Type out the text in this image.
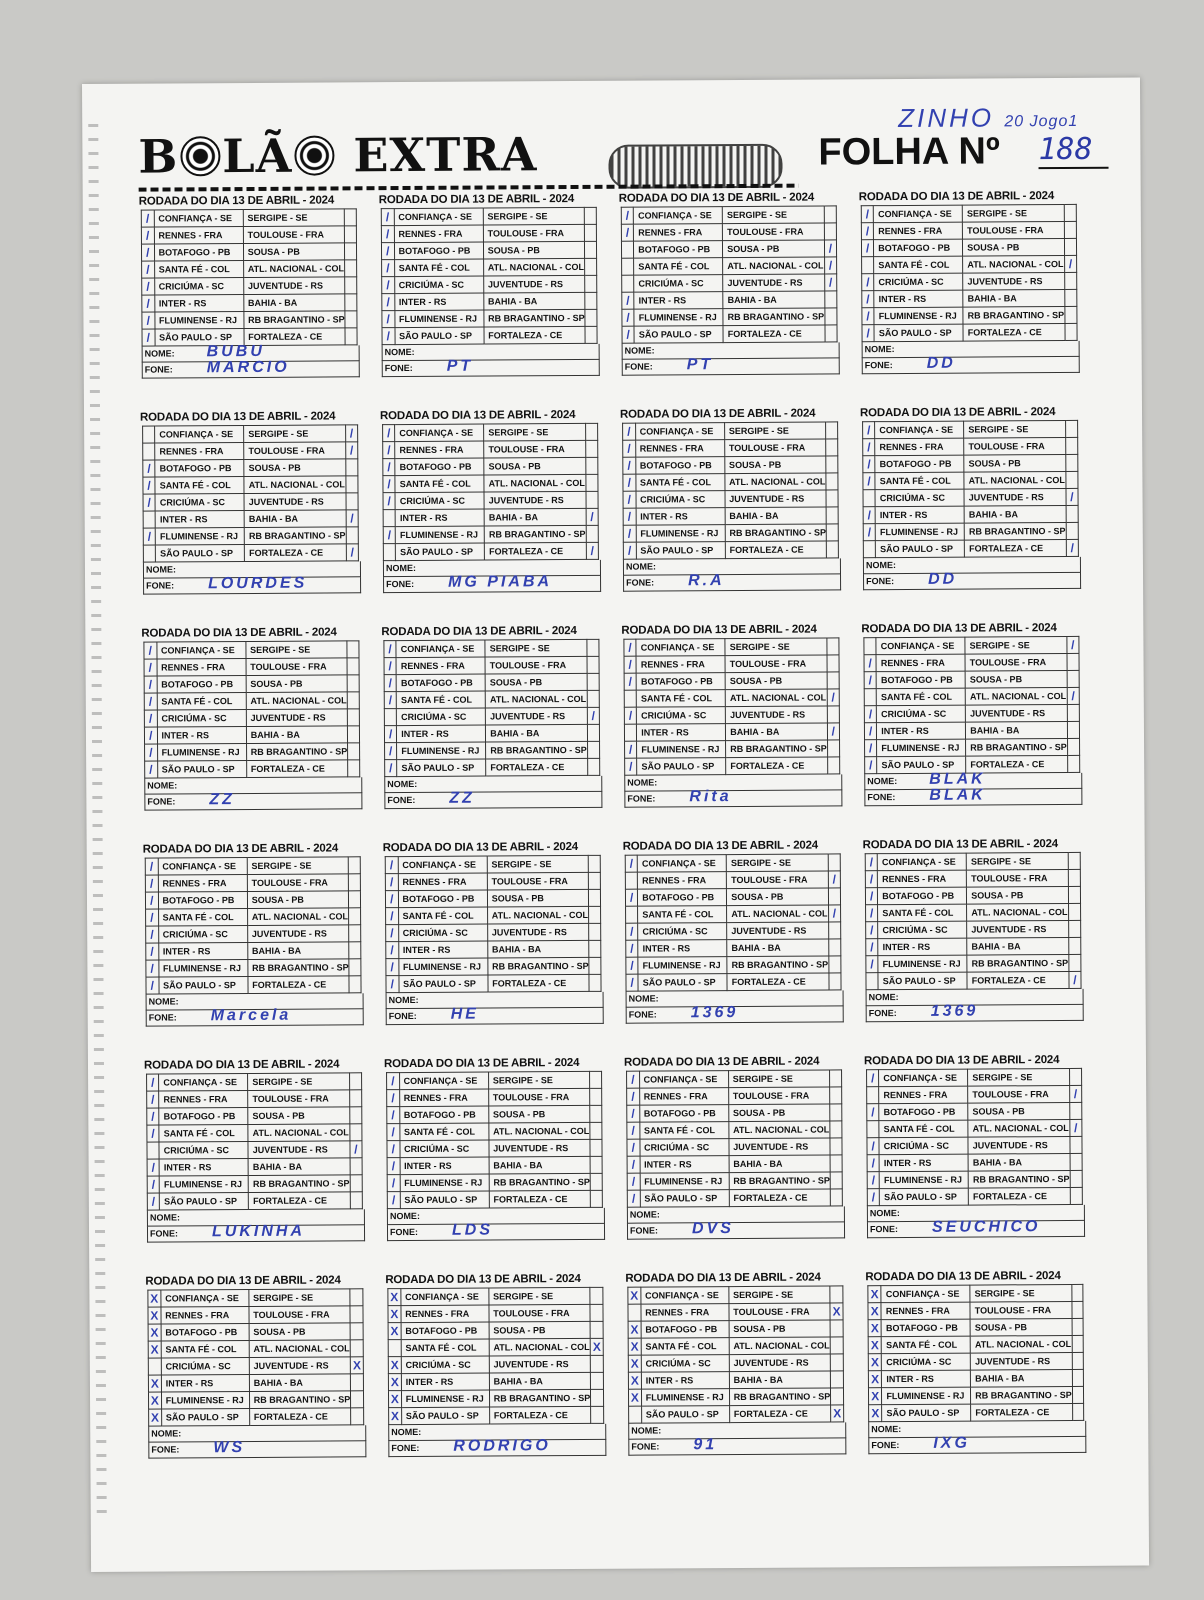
ZINHO 20 Jogo1
B LÃ EXTRA	FOLHA Nº 188
RODADA DO DIA 13 DE ABRIL - 2024
/	CONFIANÇA - SE	SERGIPE - SE	
/	RENNES - FRA	TOULOUSE - FRA	
/	BOTAFOGO - PB	SOUSA - PB	
/	SANTA FÉ - COL	ATL. NACIONAL - COL	
/	CRICIÚMA - SC	JUVENTUDE - RS	
/	INTER - RS	BAHIA - BA	
/	FLUMINENSE - RJ	RB BRAGANTINO - SP	
/	SÃO PAULO - SP	FORTALEZA - CE	
NOME: BUBU
FONE: MARCIO
RODADA DO DIA 13 DE ABRIL - 2024
/	CONFIANÇA - SE	SERGIPE - SE	
/	RENNES - FRA	TOULOUSE - FRA	
/	BOTAFOGO - PB	SOUSA - PB	
/	SANTA FÉ - COL	ATL. NACIONAL - COL	
/	CRICIÚMA - SC	JUVENTUDE - RS	
/	INTER - RS	BAHIA - BA	
/	FLUMINENSE - RJ	RB BRAGANTINO - SP	
/	SÃO PAULO - SP	FORTALEZA - CE	
NOME:
FONE: PT
RODADA DO DIA 13 DE ABRIL - 2024
/	CONFIANÇA - SE	SERGIPE - SE	
/	RENNES - FRA	TOULOUSE - FRA	
	BOTAFOGO - PB	SOUSA - PB	/
	SANTA FÉ - COL	ATL. NACIONAL - COL	/
	CRICIÚMA - SC	JUVENTUDE - RS	/
/	INTER - RS	BAHIA - BA	
/	FLUMINENSE - RJ	RB BRAGANTINO - SP	
/	SÃO PAULO - SP	FORTALEZA - CE	
NOME:
FONE: PT
RODADA DO DIA 13 DE ABRIL - 2024
/	CONFIANÇA - SE	SERGIPE - SE	
/	RENNES - FRA	TOULOUSE - FRA	
/	BOTAFOGO - PB	SOUSA - PB	
	SANTA FÉ - COL	ATL. NACIONAL - COL	/
/	CRICIÚMA - SC	JUVENTUDE - RS	
/	INTER - RS	BAHIA - BA	
/	FLUMINENSE - RJ	RB BRAGANTINO - SP	
/	SÃO PAULO - SP	FORTALEZA - CE	
NOME:
FONE: DD
RODADA DO DIA 13 DE ABRIL - 2024
	CONFIANÇA - SE	SERGIPE - SE	/
	RENNES - FRA	TOULOUSE - FRA	/
/	BOTAFOGO - PB	SOUSA - PB	
/	SANTA FÉ - COL	ATL. NACIONAL - COL	
/	CRICIÚMA - SC	JUVENTUDE - RS	
	INTER - RS	BAHIA - BA	/
/	FLUMINENSE - RJ	RB BRAGANTINO - SP	
	SÃO PAULO - SP	FORTALEZA - CE	/
NOME:
FONE: LOURDES
RODADA DO DIA 13 DE ABRIL - 2024
/	CONFIANÇA - SE	SERGIPE - SE	
/	RENNES - FRA	TOULOUSE - FRA	
/	BOTAFOGO - PB	SOUSA - PB	
/	SANTA FÉ - COL	ATL. NACIONAL - COL	
/	CRICIÚMA - SC	JUVENTUDE - RS	
	INTER - RS	BAHIA - BA	/
/	FLUMINENSE - RJ	RB BRAGANTINO - SP	
	SÃO PAULO - SP	FORTALEZA - CE	/
NOME:
FONE: MG PIABA
RODADA DO DIA 13 DE ABRIL - 2024
/	CONFIANÇA - SE	SERGIPE - SE	
/	RENNES - FRA	TOULOUSE - FRA	
/	BOTAFOGO - PB	SOUSA - PB	
/	SANTA FÉ - COL	ATL. NACIONAL - COL	
/	CRICIÚMA - SC	JUVENTUDE - RS	
/	INTER - RS	BAHIA - BA	
/	FLUMINENSE - RJ	RB BRAGANTINO - SP	
/	SÃO PAULO - SP	FORTALEZA - CE	
NOME:
FONE: R.A
RODADA DO DIA 13 DE ABRIL - 2024
/	CONFIANÇA - SE	SERGIPE - SE	
/	RENNES - FRA	TOULOUSE - FRA	
/	BOTAFOGO - PB	SOUSA - PB	
/	SANTA FÉ - COL	ATL. NACIONAL - COL	
	CRICIÚMA - SC	JUVENTUDE - RS	/
/	INTER - RS	BAHIA - BA	
/	FLUMINENSE - RJ	RB BRAGANTINO - SP	
	SÃO PAULO - SP	FORTALEZA - CE	/
NOME:
FONE: DD
RODADA DO DIA 13 DE ABRIL - 2024
/	CONFIANÇA - SE	SERGIPE - SE	
/	RENNES - FRA	TOULOUSE - FRA	
/	BOTAFOGO - PB	SOUSA - PB	
/	SANTA FÉ - COL	ATL. NACIONAL - COL	
/	CRICIÚMA - SC	JUVENTUDE - RS	
/	INTER - RS	BAHIA - BA	
/	FLUMINENSE - RJ	RB BRAGANTINO - SP	
/	SÃO PAULO - SP	FORTALEZA - CE	
NOME:
FONE: ZZ
RODADA DO DIA 13 DE ABRIL - 2024
/	CONFIANÇA - SE	SERGIPE - SE	
/	RENNES - FRA	TOULOUSE - FRA	
/	BOTAFOGO - PB	SOUSA - PB	
/	SANTA FÉ - COL	ATL. NACIONAL - COL	
	CRICIÚMA - SC	JUVENTUDE - RS	/
/	INTER - RS	BAHIA - BA	
/	FLUMINENSE - RJ	RB BRAGANTINO - SP	
/	SÃO PAULO - SP	FORTALEZA - CE	
NOME:
FONE: ZZ
RODADA DO DIA 13 DE ABRIL - 2024
/	CONFIANÇA - SE	SERGIPE - SE	
/	RENNES - FRA	TOULOUSE - FRA	
/	BOTAFOGO - PB	SOUSA - PB	
	SANTA FÉ - COL	ATL. NACIONAL - COL	/
/	CRICIÚMA - SC	JUVENTUDE - RS	
	INTER - RS	BAHIA - BA	/
/	FLUMINENSE - RJ	RB BRAGANTINO - SP	
/	SÃO PAULO - SP	FORTALEZA - CE	
NOME:
FONE: Rita
RODADA DO DIA 13 DE ABRIL - 2024
	CONFIANÇA - SE	SERGIPE - SE	/
/	RENNES - FRA	TOULOUSE - FRA	
/	BOTAFOGO - PB	SOUSA - PB	
	SANTA FÉ - COL	ATL. NACIONAL - COL	/
/	CRICIÚMA - SC	JUVENTUDE - RS	
/	INTER - RS	BAHIA - BA	
/	FLUMINENSE - RJ	RB BRAGANTINO - SP	
/	SÃO PAULO - SP	FORTALEZA - CE	
NOME: BLAK
FONE: BLAK
RODADA DO DIA 13 DE ABRIL - 2024
/	CONFIANÇA - SE	SERGIPE - SE	
/	RENNES - FRA	TOULOUSE - FRA	
/	BOTAFOGO - PB	SOUSA - PB	
/	SANTA FÉ - COL	ATL. NACIONAL - COL	
/	CRICIÚMA - SC	JUVENTUDE - RS	
/	INTER - RS	BAHIA - BA	
/	FLUMINENSE - RJ	RB BRAGANTINO - SP	
/	SÃO PAULO - SP	FORTALEZA - CE	
NOME:
FONE: Marcela
RODADA DO DIA 13 DE ABRIL - 2024
/	CONFIANÇA - SE	SERGIPE - SE	
/	RENNES - FRA	TOULOUSE - FRA	
/	BOTAFOGO - PB	SOUSA - PB	
/	SANTA FÉ - COL	ATL. NACIONAL - COL	
/	CRICIÚMA - SC	JUVENTUDE - RS	
/	INTER - RS	BAHIA - BA	
/	FLUMINENSE - RJ	RB BRAGANTINO - SP	
/	SÃO PAULO - SP	FORTALEZA - CE	
NOME:
FONE: HE
RODADA DO DIA 13 DE ABRIL - 2024
/	CONFIANÇA - SE	SERGIPE - SE	
	RENNES - FRA	TOULOUSE - FRA	/
/	BOTAFOGO - PB	SOUSA - PB	
	SANTA FÉ - COL	ATL. NACIONAL - COL	/
/	CRICIÚMA - SC	JUVENTUDE - RS	
/	INTER - RS	BAHIA - BA	
/	FLUMINENSE - RJ	RB BRAGANTINO - SP	
/	SÃO PAULO - SP	FORTALEZA - CE	
NOME:
FONE: 1369
RODADA DO DIA 13 DE ABRIL - 2024
/	CONFIANÇA - SE	SERGIPE - SE	
/	RENNES - FRA	TOULOUSE - FRA	
/	BOTAFOGO - PB	SOUSA - PB	
/	SANTA FÉ - COL	ATL. NACIONAL - COL	
/	CRICIÚMA - SC	JUVENTUDE - RS	
/	INTER - RS	BAHIA - BA	
/	FLUMINENSE - RJ	RB BRAGANTINO - SP	
	SÃO PAULO - SP	FORTALEZA - CE	/
NOME:
FONE: 1369
RODADA DO DIA 13 DE ABRIL - 2024
/	CONFIANÇA - SE	SERGIPE - SE	
/	RENNES - FRA	TOULOUSE - FRA	
/	BOTAFOGO - PB	SOUSA - PB	
/	SANTA FÉ - COL	ATL. NACIONAL - COL	
	CRICIÚMA - SC	JUVENTUDE - RS	/
/	INTER - RS	BAHIA - BA	
/	FLUMINENSE - RJ	RB BRAGANTINO - SP	
/	SÃO PAULO - SP	FORTALEZA - CE	
NOME:
FONE: LUKINHA
RODADA DO DIA 13 DE ABRIL - 2024
/	CONFIANÇA - SE	SERGIPE - SE	
/	RENNES - FRA	TOULOUSE - FRA	
/	BOTAFOGO - PB	SOUSA - PB	
/	SANTA FÉ - COL	ATL. NACIONAL - COL	
/	CRICIÚMA - SC	JUVENTUDE - RS	
/	INTER - RS	BAHIA - BA	
/	FLUMINENSE - RJ	RB BRAGANTINO - SP	
/	SÃO PAULO - SP	FORTALEZA - CE	
NOME:
FONE: LDS
RODADA DO DIA 13 DE ABRIL - 2024
/	CONFIANÇA - SE	SERGIPE - SE	
/	RENNES - FRA	TOULOUSE - FRA	
/	BOTAFOGO - PB	SOUSA - PB	
/	SANTA FÉ - COL	ATL. NACIONAL - COL	
/	CRICIÚMA - SC	JUVENTUDE - RS	
/	INTER - RS	BAHIA - BA	
/	FLUMINENSE - RJ	RB BRAGANTINO - SP	
/	SÃO PAULO - SP	FORTALEZA - CE	
NOME:
FONE: DVS
RODADA DO DIA 13 DE ABRIL - 2024
/	CONFIANÇA - SE	SERGIPE - SE	
	RENNES - FRA	TOULOUSE - FRA	/
/	BOTAFOGO - PB	SOUSA - PB	
	SANTA FÉ - COL	ATL. NACIONAL - COL	/
/	CRICIÚMA - SC	JUVENTUDE - RS	
/	INTER - RS	BAHIA - BA	
/	FLUMINENSE - RJ	RB BRAGANTINO - SP	
/	SÃO PAULO - SP	FORTALEZA - CE	
NOME:
FONE: SEUCHICO
RODADA DO DIA 13 DE ABRIL - 2024
X	CONFIANÇA - SE	SERGIPE - SE	
X	RENNES - FRA	TOULOUSE - FRA	
X	BOTAFOGO - PB	SOUSA - PB	
X	SANTA FÉ - COL	ATL. NACIONAL - COL	
	CRICIÚMA - SC	JUVENTUDE - RS	X
X	INTER - RS	BAHIA - BA	
X	FLUMINENSE - RJ	RB BRAGANTINO - SP	
X	SÃO PAULO - SP	FORTALEZA - CE	
NOME:
FONE: WS
RODADA DO DIA 13 DE ABRIL - 2024
X	CONFIANÇA - SE	SERGIPE - SE	
X	RENNES - FRA	TOULOUSE - FRA	
X	BOTAFOGO - PB	SOUSA - PB	
	SANTA FÉ - COL	ATL. NACIONAL - COL	X
X	CRICIÚMA - SC	JUVENTUDE - RS	
X	INTER - RS	BAHIA - BA	
X	FLUMINENSE - RJ	RB BRAGANTINO - SP	
X	SÃO PAULO - SP	FORTALEZA - CE	
NOME:
FONE: RODRIGO
RODADA DO DIA 13 DE ABRIL - 2024
X	CONFIANÇA - SE	SERGIPE - SE	
	RENNES - FRA	TOULOUSE - FRA	X
X	BOTAFOGO - PB	SOUSA - PB	
X	SANTA FÉ - COL	ATL. NACIONAL - COL	
X	CRICIÚMA - SC	JUVENTUDE - RS	
X	INTER - RS	BAHIA - BA	
X	FLUMINENSE - RJ	RB BRAGANTINO - SP	
	SÃO PAULO - SP	FORTALEZA - CE	X
NOME:
FONE: 91
RODADA DO DIA 13 DE ABRIL - 2024
X	CONFIANÇA - SE	SERGIPE - SE	
X	RENNES - FRA	TOULOUSE - FRA	
X	BOTAFOGO - PB	SOUSA - PB	
X	SANTA FÉ - COL	ATL. NACIONAL - COL	
X	CRICIÚMA - SC	JUVENTUDE - RS	
X	INTER - RS	BAHIA - BA	
X	FLUMINENSE - RJ	RB BRAGANTINO - SP	
X	SÃO PAULO - SP	FORTALEZA - CE	
NOME:
FONE: IXG
